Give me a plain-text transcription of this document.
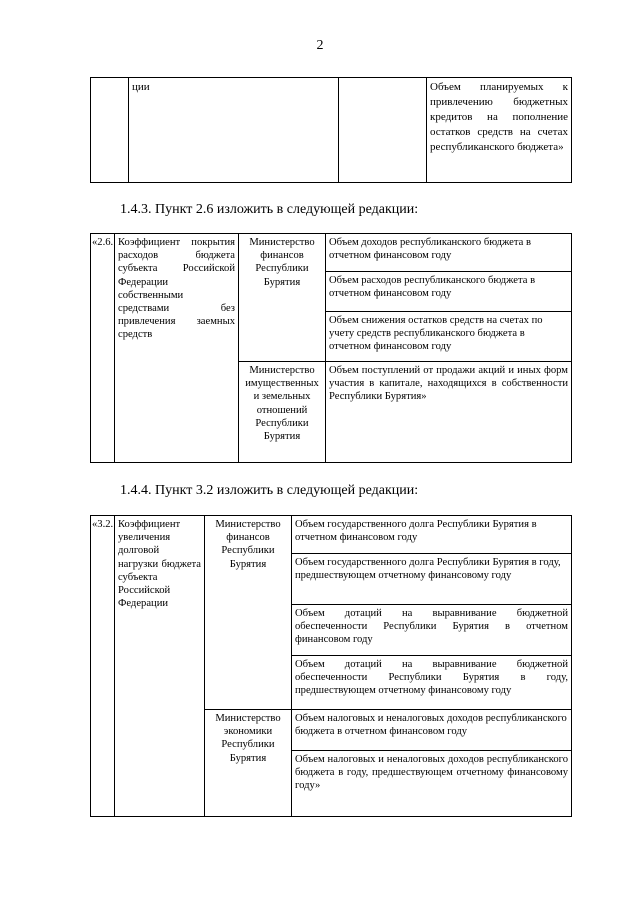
2
	ции		Объем планируемых к привлечению бюджетных кредитов на пополнение остатков средств на счетах республиканского бюджета»
1.4.3. Пункт 2.6 изложить в следующей редакции:
«2.6.	Коэффициент покрытия расходов бюджета субъекта Российской Федерации собственными средствами без привлечения заемных средств	Министерство финансов Республики Бурятия	Объем доходов республиканского бюджета в отчетном финансовом году
			Объем расходов республиканского бюджета в отчетном финансовом году
			Объем снижения остатков средств на счетах по учету средств республиканского бюджета в отчетном финансовом году
		Министерство имущественных и земельных отношений Республики Бурятия	Объем поступлений от продажи акций и иных форм участия в капитале, находящихся в собственности Республики Бурятия»
1.4.4. Пункт 3.2 изложить в следующей редакции:
«3.2.	Коэффициент увеличения долговой нагрузки бюджета субъекта Российской Федерации	Министерство финансов Республики Бурятия	Объем государственного долга Республики Бурятия в отчетном финансовом году
			Объем государственного долга Республики Бурятия в году, предшествующем отчетному финансовому году
			Объем дотаций на выравнивание бюджетной обеспеченности Республики Бурятия в отчетном финансовом году
			Объем дотаций на выравнивание бюджетной обеспеченности Республики Бурятия в году, предшествующем отчетному финансовому году
		Министерство экономики Республики Бурятия	Объем налоговых и неналоговых доходов республиканского бюджета в отчетном финансовом году
			Объем налоговых и неналоговых доходов республиканского бюджета в году, предшествующем отчетному финансовому году»
